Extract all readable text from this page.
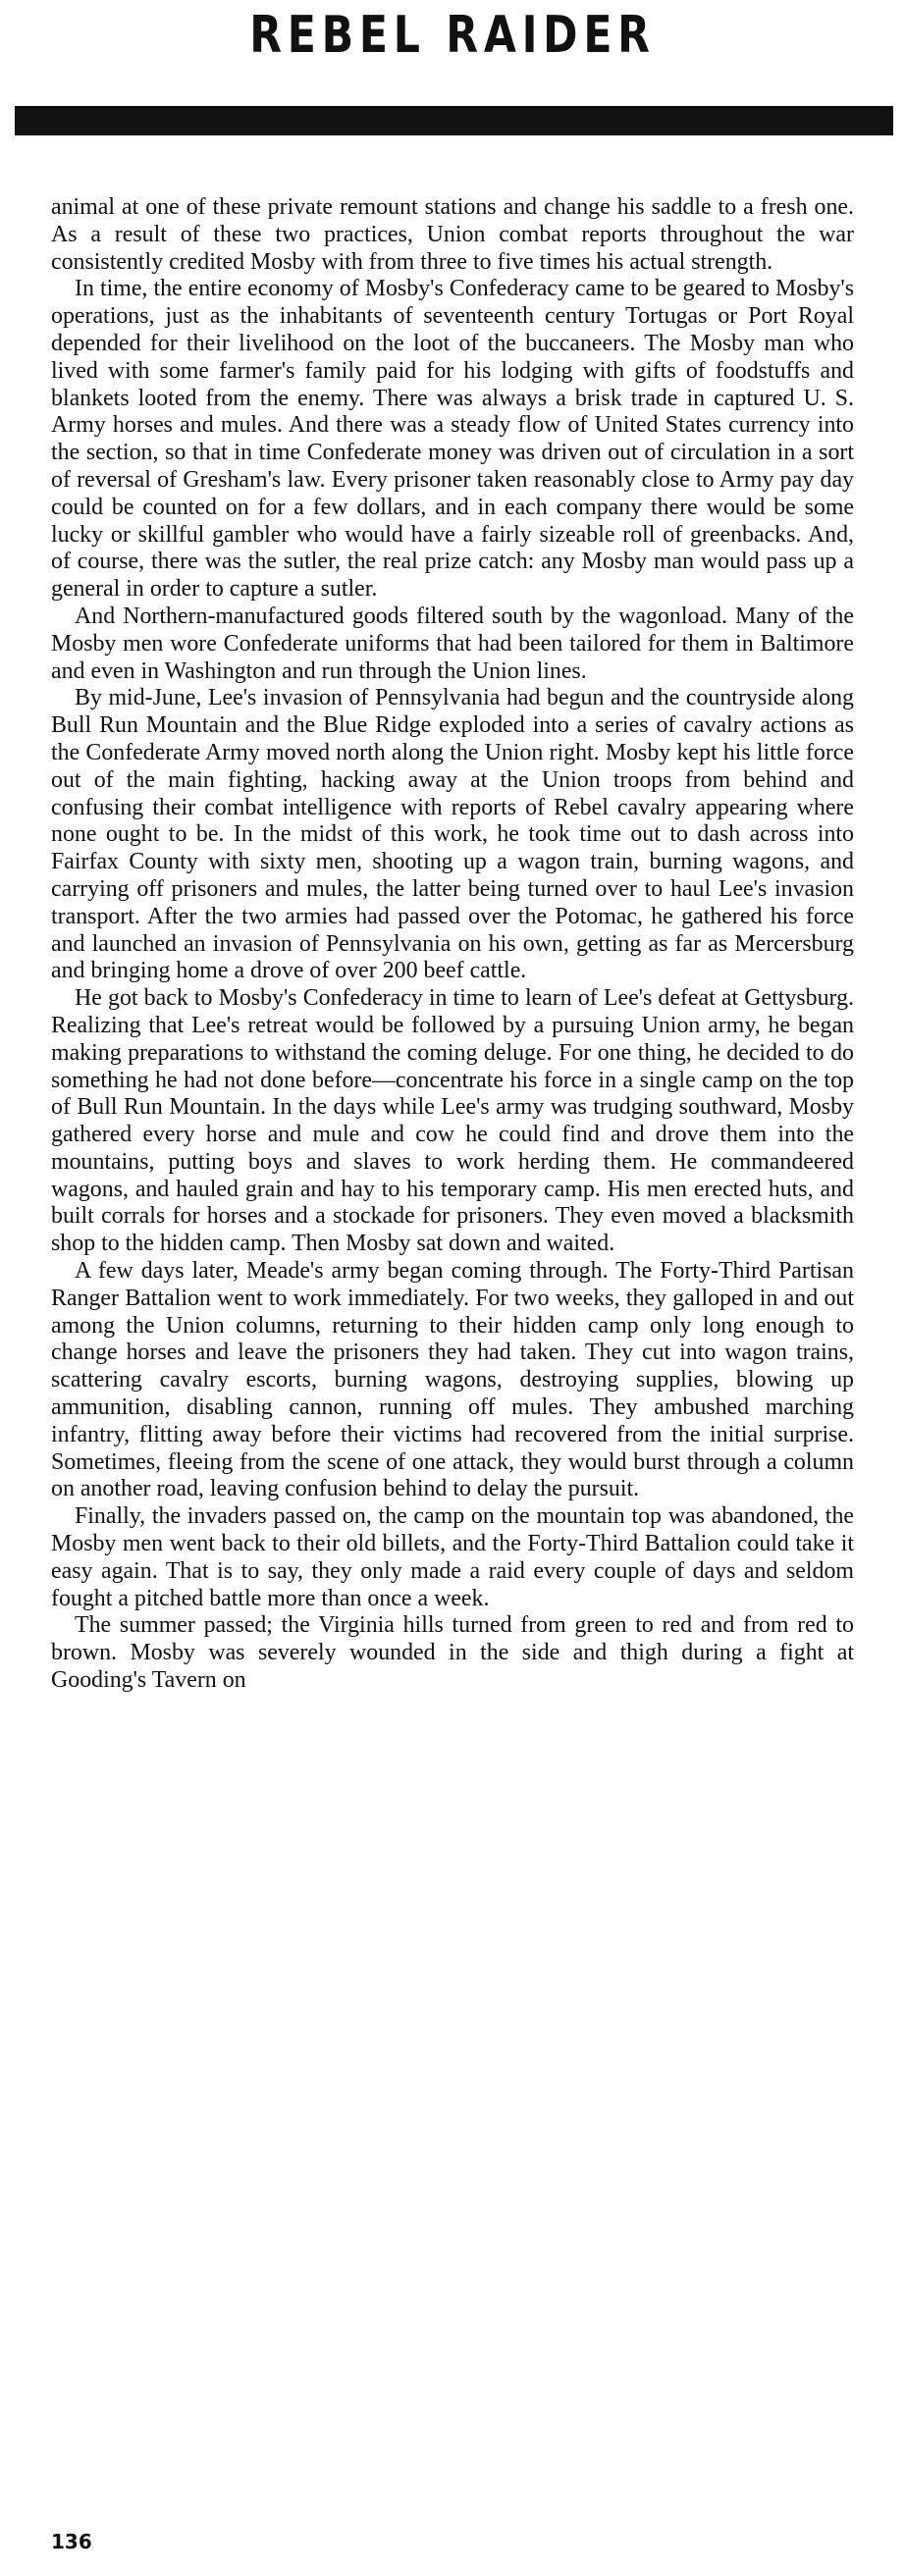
REBEL RAIDER

animal at one of these private remount stations and change his saddle to a fresh one. As a result of these two practices, Union combat reports throughout the war consistently credited Mosby with from three to five times his actual strength.

In time, the entire economy of Mosby's Confederacy came to be geared to Mosby's operations, just as the inhabitants of seventeenth century Tortugas or Port Royal depended for their livelihood on the loot of the buccaneers. The Mosby man who lived with some farmer's family paid for his lodging with gifts of foodstuffs and blankets looted from the enemy. There was always a brisk trade in captured U. S. Army horses and mules. And there was a steady flow of United States currency into the section, so that in time Confederate money was driven out of circulation in a sort of reversal of Gresham's law. Every prisoner taken reasonably close to Army pay day could be counted on for a few dollars, and in each company there would be some lucky or skillful gambler who would have a fairly sizeable roll of greenbacks. And, of course, there was the sutler, the real prize catch: any Mosby man would pass up a general in order to capture a sutler.

And Northern-manufactured goods filtered south by the wagonload. Many of the Mosby men wore Confederate uniforms that had been tailored for them in Baltimore and even in Washington and run through the Union lines.

By mid-June, Lee's invasion of Pennsylvania had begun and the countryside along Bull Run Mountain and the Blue Ridge exploded into a series of cavalry actions as the Confederate Army moved north along the Union right. Mosby kept his little force out of the main fighting, hacking away at the Union troops from behind and confusing their combat intelligence with reports of Rebel cavalry appearing where none ought to be. In the midst of this work, he took time out to dash across into Fairfax County with sixty men, shooting up a wagon train, burning wagons, and carrying off prisoners and mules, the latter being turned over to haul Lee's invasion transport. After the two armies had passed over the Potomac, he gathered his force and launched an invasion of Pennsylvania on his own, getting as far as Mercersburg and bringing home a drove of over 200 beef cattle.

He got back to Mosby's Confederacy in time to learn of Lee's defeat at Gettysburg. Realizing that Lee's retreat would be followed by a pursuing Union army, he began making preparations to withstand the coming deluge. For one thing, he decided to do something he had not done before—concentrate his force in a single camp on the top of Bull Run Mountain. In the days while Lee's army was trudging southward, Mosby gathered every horse and mule and cow he could find and drove them into the mountains, putting boys and slaves to work herding them. He commandeered wagons, and hauled grain and hay to his temporary camp. His men erected huts, and built corrals for horses and a stockade for prisoners. They even moved a blacksmith shop to the hidden camp. Then Mosby sat down and waited.

A few days later, Meade's army began coming through. The Forty-Third Partisan Ranger Battalion went to work immediately. For two weeks, they galloped in and out among the Union columns, returning to their hidden camp only long enough to change horses and leave the prisoners they had taken. They cut into wagon trains, scattering cavalry escorts, burning wagons, destroying supplies, blowing up ammunition, disabling cannon, running off mules. They ambushed marching infantry, flitting away before their victims had recovered from the initial surprise. Sometimes, fleeing from the scene of one attack, they would burst through a column on another road, leaving confusion behind to delay the pursuit.

Finally, the invaders passed on, the camp on the mountain top was abandoned, the Mosby men went back to their old billets, and the Forty-Third Battalion could take it easy again. That is to say, they only made a raid every couple of days and seldom fought a pitched battle more than once a week.

The summer passed; the Virginia hills turned from green to red and from red to brown. Mosby was severely wounded in the side and thigh during a fight at Gooding's Tavern on

136
